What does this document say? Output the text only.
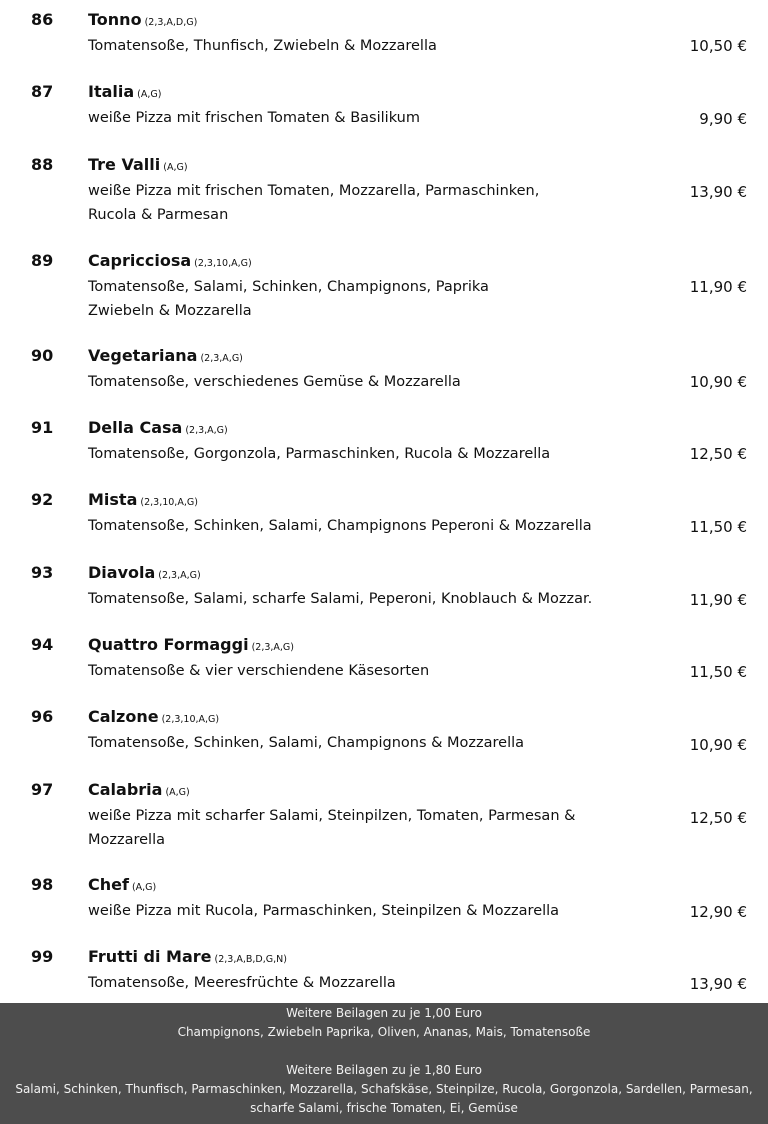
86 Tonno (2,3,A,D,G)
Tomatensoße, Thunfisch, Zwiebeln & Mozzarella	10,50 €
87 Italia (A,G)
weiße Pizza mit frischen Tomaten & Basilikum	9,90 €
88 Tre Valli (A,G)
weiße Pizza mit frischen Tomaten, Mozzarella, Parmaschinken,
Rucola & Parmesan
13,90 €
89 Capricciosa (2,3,10,A,G)
Tomatensoße, Salami, Schinken, Champignons, Paprika
Zwiebeln & Mozzarella
11,90 €
90 Vegetariana (2,3,A,G)
Tomatensoße, verschiedenes Gemüse & Mozzarella	10,90 €
91 Della Casa (2,3,A,G)
Tomatensoße, Gorgonzola, Parmaschinken, Rucola & Mozzarella	12,50 €
92 Mista (2,3,10,A,G)
Tomatensoße, Schinken, Salami, Champignons Peperoni & Mozzarella	11,50 €
93 Diavola (2,3,A,G)
Tomatensoße, Salami, scharfe Salami, Peperoni, Knoblauch & Mozzar.	11,90 €
94 Quattro Formaggi (2,3,A,G)
Tomatensoße & vier verschiendene Käsesorten	11,50 €
96 Calzone (2,3,10,A,G)
Tomatensoße, Schinken, Salami, Champignons & Mozzarella	10,90 €
97 Calabria (A,G)
weiße Pizza mit scharfer Salami, Steinpilzen, Tomaten, Parmesan &
Mozzarella
12,50 €
98 Chef (A,G)
weiße Pizza mit Rucola, Parmaschinken, Steinpilzen & Mozzarella	12,90 €
99 Frutti di Mare (2,3,A,B,D,G,N)
Tomatensoße, Meeresfrüchte & Mozzarella	13,90 €
Weitere Beilagen zu je 1,00 Euro
Champignons, Zwiebeln Paprika, Oliven, Ananas, Mais, Tomatensoße
Weitere Beilagen zu je 1,80 Euro
Salami, Schinken, Thunfisch, Parmaschinken, Mozzarella, Schafskäse, Steinpilze, Rucola, Gorgonzola, Sardellen, Parmesan,
scharfe Salami, frische Tomaten, Ei, Gemüse
